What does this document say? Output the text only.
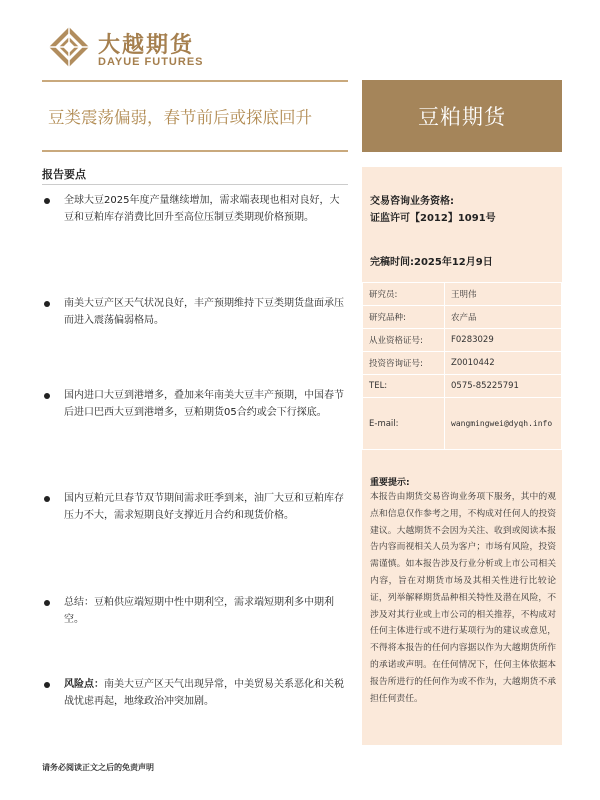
大越期货
DAYUE FUTURES
豆类震荡偏弱，春节前后或探底回升	豆粕期货
报告要点
全球大豆2025年度产量继续增加，需求端表现也相对良好，大豆和豆粕库存消费比回升至高位压制豆类期现价格预期。
南美大豆产区天气状况良好，丰产预期维持下豆类期货盘面承压而进入震荡偏弱格局。
国内进口大豆到港增多，叠加来年南美大豆丰产预期，中国春节后进口巴西大豆到港增多，豆粕期货05合约或会下行探底。
国内豆粕元旦春节双节期间需求旺季到来，油厂大豆和豆粕库存压力不大，需求短期良好支撑近月合约和现货价格。
总结：豆粕供应端短期中性中期利空，需求端短期利多中期利空。
风险点：南美大豆产区天气出现异常，中美贸易关系恶化和关税战忧虑再起，地缘政治冲突加剧。
交易咨询业务资格:
证监许可【2012】1091号
完稿时间:2025年12月9日
研究员:	王明伟
研究品种:	农产品
从业资格证号:	F0283029
投资咨询证号:	Z0010442
TEL:	0575-85225791
E-mail:	wangmingwei@dyqh.info
重要提示:
本报告由期货交易咨询业务项下服务，其中的观点和信息仅作参考之用，不构成对任何人的投资建议。大越期货不会因为关注、收到或阅读本报告内容而视相关人员为客户；市场有风险，投资需谨慎。如本报告涉及行业分析或上市公司相关内容，旨在对期货市场及其相关性进行比较论证，列举解释期货品种相关特性及潜在风险，不涉及对其行业或上市公司的相关推荐，不构成对任何主体进行或不进行某项行为的建议或意见，不得将本报告的任何内容据以作为大越期货所作的承诺或声明。在任何情况下，任何主体依据本报告所进行的任何作为或不作为，大越期货不承担任何责任。
请务必阅读正文之后的免责声明
